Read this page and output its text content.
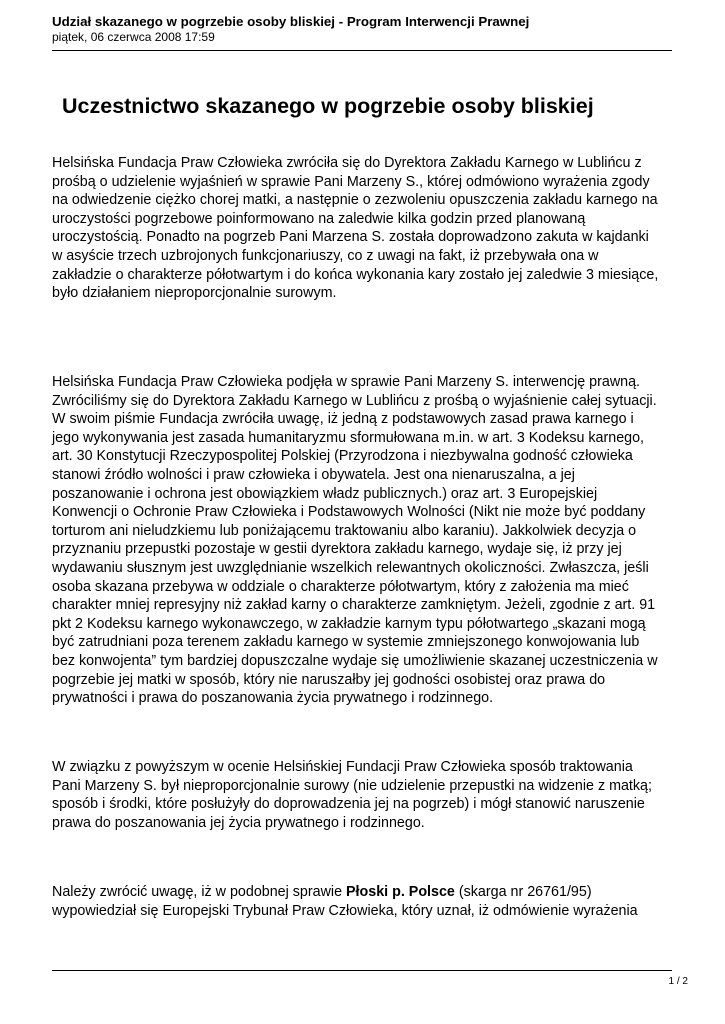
Udział skazanego w pogrzebie osoby bliskiej - Program Interwencji Prawnej
piątek, 06 czerwca 2008 17:59
Uczestnictwo skazanego w pogrzebie osoby bliskiej
Helsińska Fundacja Praw Człowieka zwróciła się do Dyrektora Zakładu Karnego w Lublińcu z
prośbą o udzielenie wyjaśnień w sprawie Pani Marzeny S., której odmówiono wyrażenia zgody
na odwiedzenie ciężko chorej matki, a następnie o zezwoleniu opuszczenia zakładu karnego na
uroczystości pogrzebowe poinformowano na zaledwie kilka godzin przed planowaną
uroczystością. Ponadto na pogrzeb Pani Marzena S. została doprowadzono zakuta w kajdanki
w asyście trzech uzbrojonych funkcjonariuszy, co z uwagi na fakt, iż przebywała ona w
zakładzie o charakterze półotwartym i do końca wykonania kary zostało jej zaledwie 3 miesiące,
było działaniem nieproporcjonalnie surowym.
Helsińska Fundacja Praw Człowieka podjęła w sprawie Pani Marzeny S. interwencję prawną.
Zwróciliśmy się do Dyrektora Zakładu Karnego w Lublińcu z prośbą o wyjaśnienie całej sytuacji.
W swoim piśmie Fundacja zwróciła uwagę, iż jedną z podstawowych zasad prawa karnego i
jego wykonywania jest zasada humanitaryzmu sformułowana m.in. w art. 3 Kodeksu karnego,
art. 30 Konstytucji Rzeczypospolitej Polskiej (Przyrodzona i niezbywalna godność człowieka
stanowi źródło wolności i praw człowieka i obywatela. Jest ona nienaruszalna, a jej
poszanowanie i ochrona jest obowiązkiem władz publicznych.) oraz art. 3 Europejskiej
Konwencji o Ochronie Praw Człowieka i Podstawowych Wolności (Nikt nie może być poddany
torturom ani nieludzkiemu lub poniżającemu traktowaniu albo karaniu). Jakkolwiek decyzja o
przyznaniu przepustki pozostaje w gestii dyrektora zakładu karnego, wydaje się, iż przy jej
wydawaniu słusznym jest uwzględnianie wszelkich relewantnych okoliczności. Zwłaszcza, jeśli
osoba skazana przebywa w oddziale o charakterze półotwartym, który z założenia ma mieć
charakter mniej represyjny niż zakład karny o charakterze zamkniętym. Jeżeli, zgodnie z art. 91
pkt 2 Kodeksu karnego wykonawczego, w zakładzie karnym typu półotwartego „skazani mogą
być zatrudniani poza terenem zakładu karnego w systemie zmniejszonego konwojowania lub
bez konwojenta” tym bardziej dopuszczalne wydaje się umożliwienie skazanej uczestniczenia w
pogrzebie jej matki w sposób, który nie naruszałby jej godności osobistej oraz prawa do
prywatności i prawa do poszanowania życia prywatnego i rodzinnego.
W związku z powyższym w ocenie Helsińskiej Fundacji Praw Człowieka sposób traktowania
Pani Marzeny S. był nieproporcjonalnie surowy (nie udzielenie przepustki na widzenie z matką;
sposób i środki, które posłużyły do doprowadzenia jej na pogrzeb) i mógł stanowić naruszenie
prawa do poszanowania jej życia prywatnego i rodzinnego.
Należy zwrócić uwagę, iż w podobnej sprawie Płoski p. Polsce (skarga nr 26761/95)
wypowiedział się Europejski Trybunał Praw Człowieka, który uznał, iż odmówienie wyrażenia
1 / 2
